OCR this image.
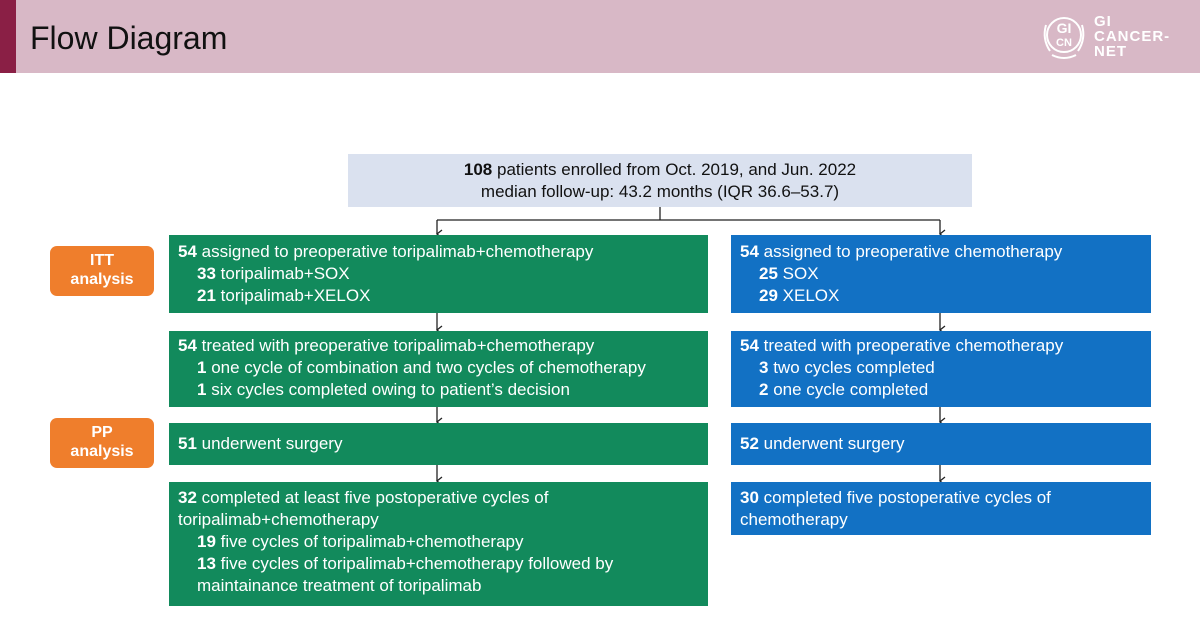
Flow Diagram	GI
CN
GI
CANCER-
NET
108 patients enrolled from Oct. 2019, and Jun. 2022
median follow-up: 43.2 months (IQR 36.6–53.7)
ITT
analysis
PP
analysis
54 assigned to preoperative toripalimab+chemotherapy
33 toripalimab+SOX
21 toripalimab+XELOX
54 treated with preoperative toripalimab+chemotherapy
1 one cycle of combination and two cycles of chemotherapy
1 six cycles completed owing to patient’s decision
51 underwent surgery
32 completed at least five postoperative cycles of toripalimab+chemotherapy
19 five cycles of toripalimab+chemotherapy
13 five cycles of toripalimab+chemotherapy followed by maintainance treatment of toripalimab
54 assigned to preoperative chemotherapy
25 SOX
29 XELOX
54 treated with preoperative chemotherapy
3 two cycles completed
2 one cycle completed
52 underwent surgery
30 completed five postoperative cycles of chemotherapy
